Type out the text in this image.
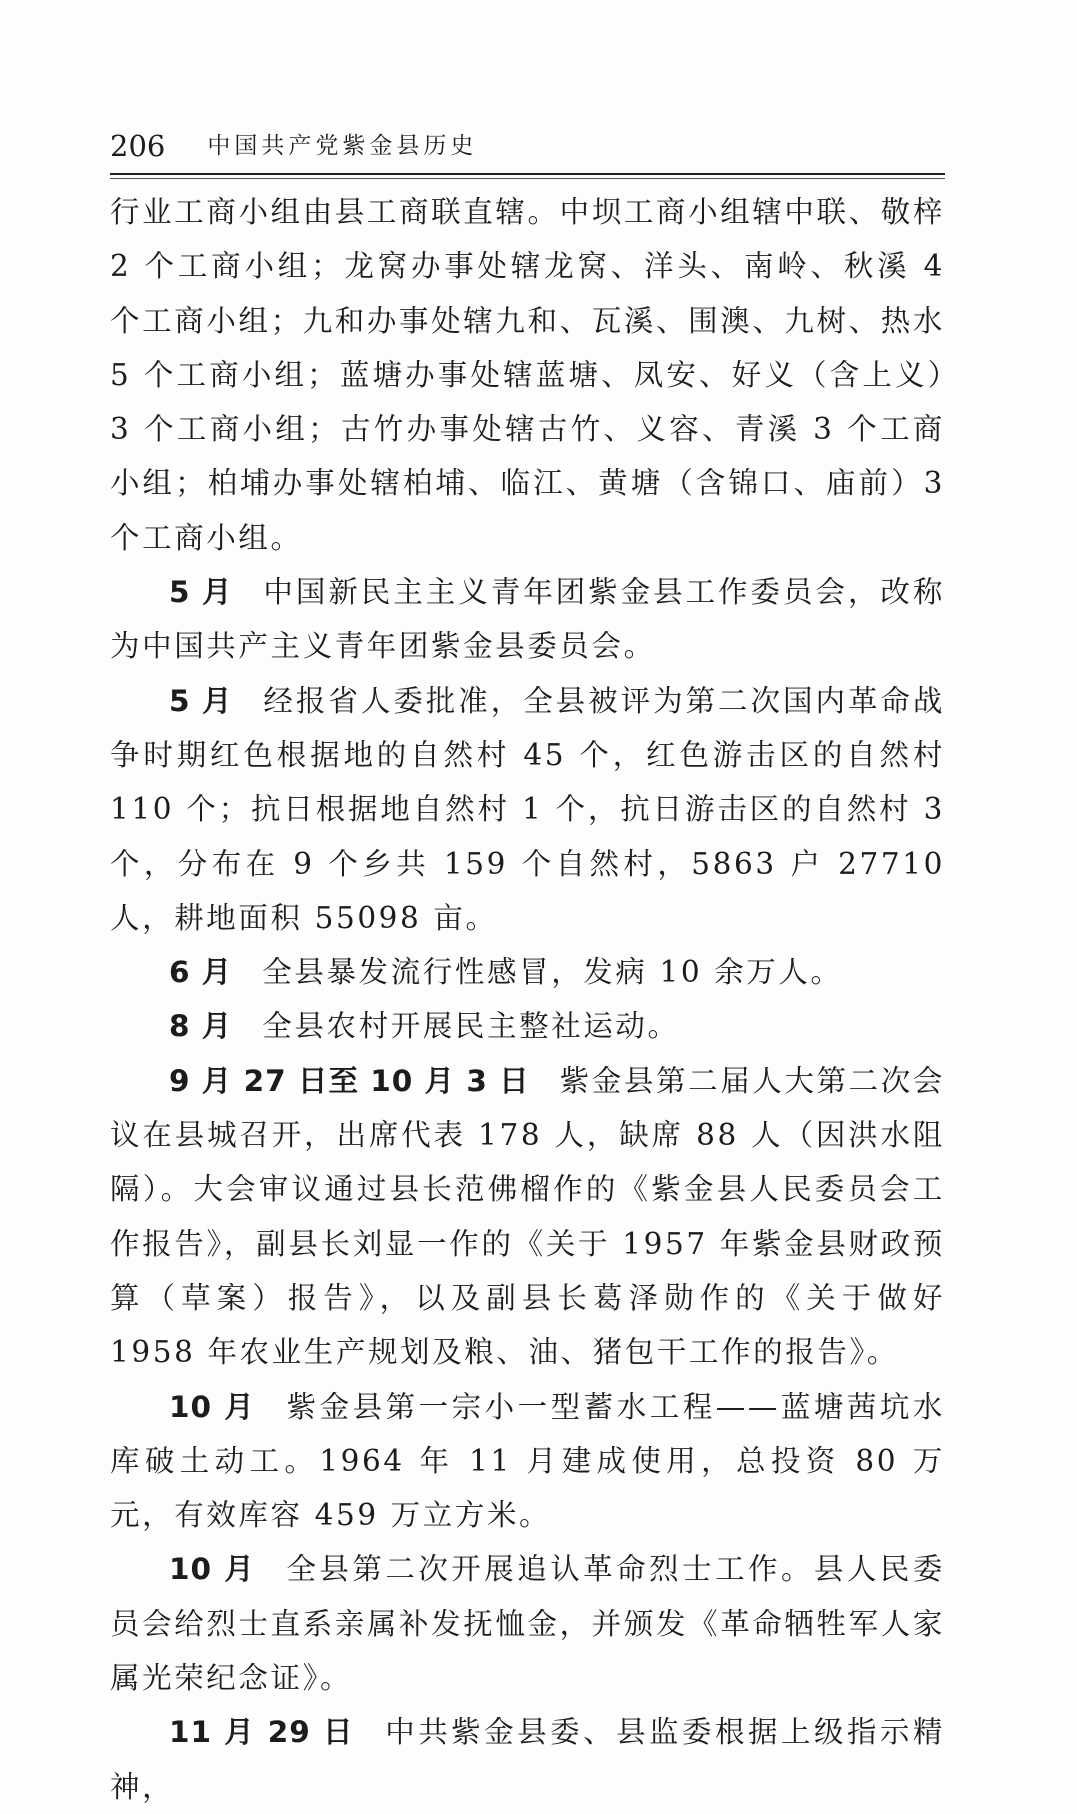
206 中国共产党紫金县历史

行业工商小组由县工商联直辖。中坝工商小组辖中联、敬梓 2 个工商小组；龙窝办事处辖龙窝、洋头、南岭、秋溪 4 个工商小组；九和办事处辖九和、瓦溪、围澳、九树、热水 5 个工商小组；蓝塘办事处辖蓝塘、凤安、好义（含上义）3 个工商小组；古竹办事处辖古竹、义容、青溪 3 个工商小组；柏埔办事处辖柏埔、临江、黄塘（含锦口、庙前）3 个工商小组。

5 月 中国新民主主义青年团紫金县工作委员会，改称为中国共产主义青年团紫金县委员会。

5 月 经报省人委批准，全县被评为第二次国内革命战争时期红色根据地的自然村 45 个，红色游击区的自然村 110 个；抗日根据地自然村 1 个，抗日游击区的自然村 3 个，分布在 9 个乡共 159 个自然村，5863 户 27710 人，耕地面积 55098 亩。

6 月 全县暴发流行性感冒，发病 10 余万人。

8 月 全县农村开展民主整社运动。

9 月 27 日至 10 月 3 日 紫金县第二届人大第二次会议在县城召开，出席代表 178 人，缺席 88 人（因洪水阻隔）。大会审议通过县长范佛榴作的《紫金县人民委员会工作报告》，副县长刘显一作的《关于 1957 年紫金县财政预算（草案）报告》，以及副县长葛泽勋作的《关于做好 1958 年农业生产规划及粮、油、猪包干工作的报告》。

10 月 紫金县第一宗小一型蓄水工程——蓝塘茜坑水库破土动工。1964 年 11 月建成使用，总投资 80 万元，有效库容 459 万立方米。

10 月 全县第二次开展追认革命烈士工作。县人民委员会给烈士直系亲属补发抚恤金，并颁发《革命牺牲军人家属光荣纪念证》。

11 月 29 日 中共紫金县委、县监委根据上级指示精神，
